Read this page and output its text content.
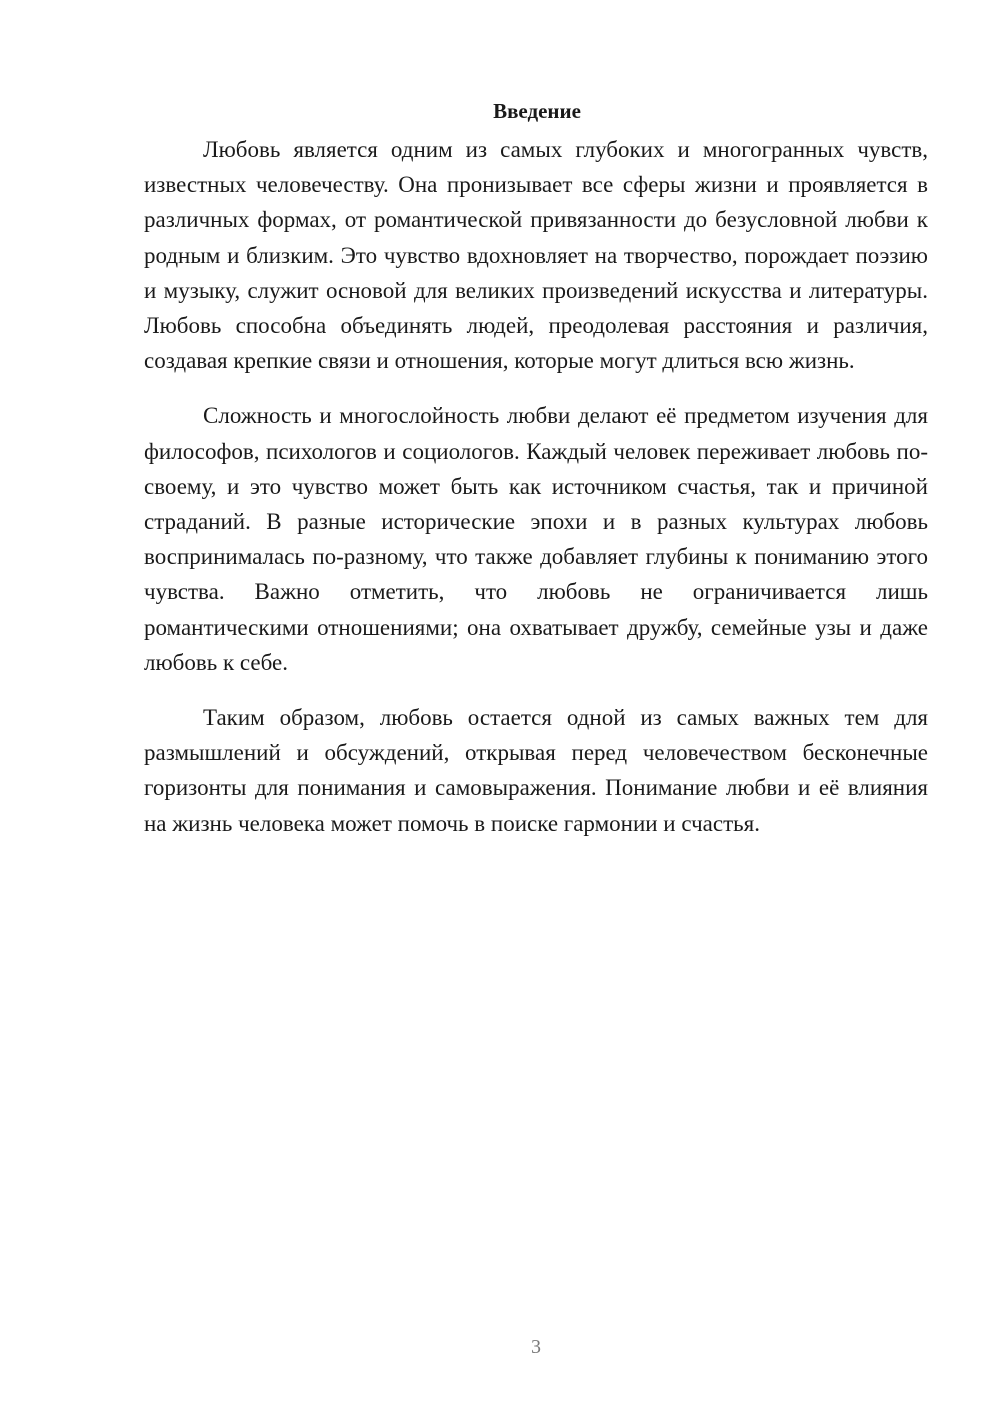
Введение

Любовь является одним из самых глубоких и многогранных чувств, известных человечеству. Она пронизывает все сферы жизни и проявляется в различных формах, от романтической привязанности до безусловной любви к родным и близким. Это чувство вдохновляет на творчество, порождает поэзию и музыку, служит основой для великих произведений искусства и литературы. Любовь способна объединять людей, преодолевая расстояния и различия, создавая крепкие связи и отношения, которые могут длиться всю жизнь.

Сложность и многослойность любви делают её предметом изучения для философов, психологов и социологов. Каждый человек переживает любовь по-своему, и это чувство может быть как источником счастья, так и причиной страданий. В разные исторические эпохи и в разных культурах любовь воспринималась по-разному, что также добавляет глубины к пониманию этого чувства. Важно отметить, что любовь не ограничивается лишь романтическими отношениями; она охватывает дружбу, семейные узы и даже любовь к себе.

Таким образом, любовь остается одной из самых важных тем для размышлений и обсуждений, открывая перед человечеством бесконечные горизонты для понимания и самовыражения. Понимание любви и её влияния на жизнь человека может помочь в поиске гармонии и счастья.

3
